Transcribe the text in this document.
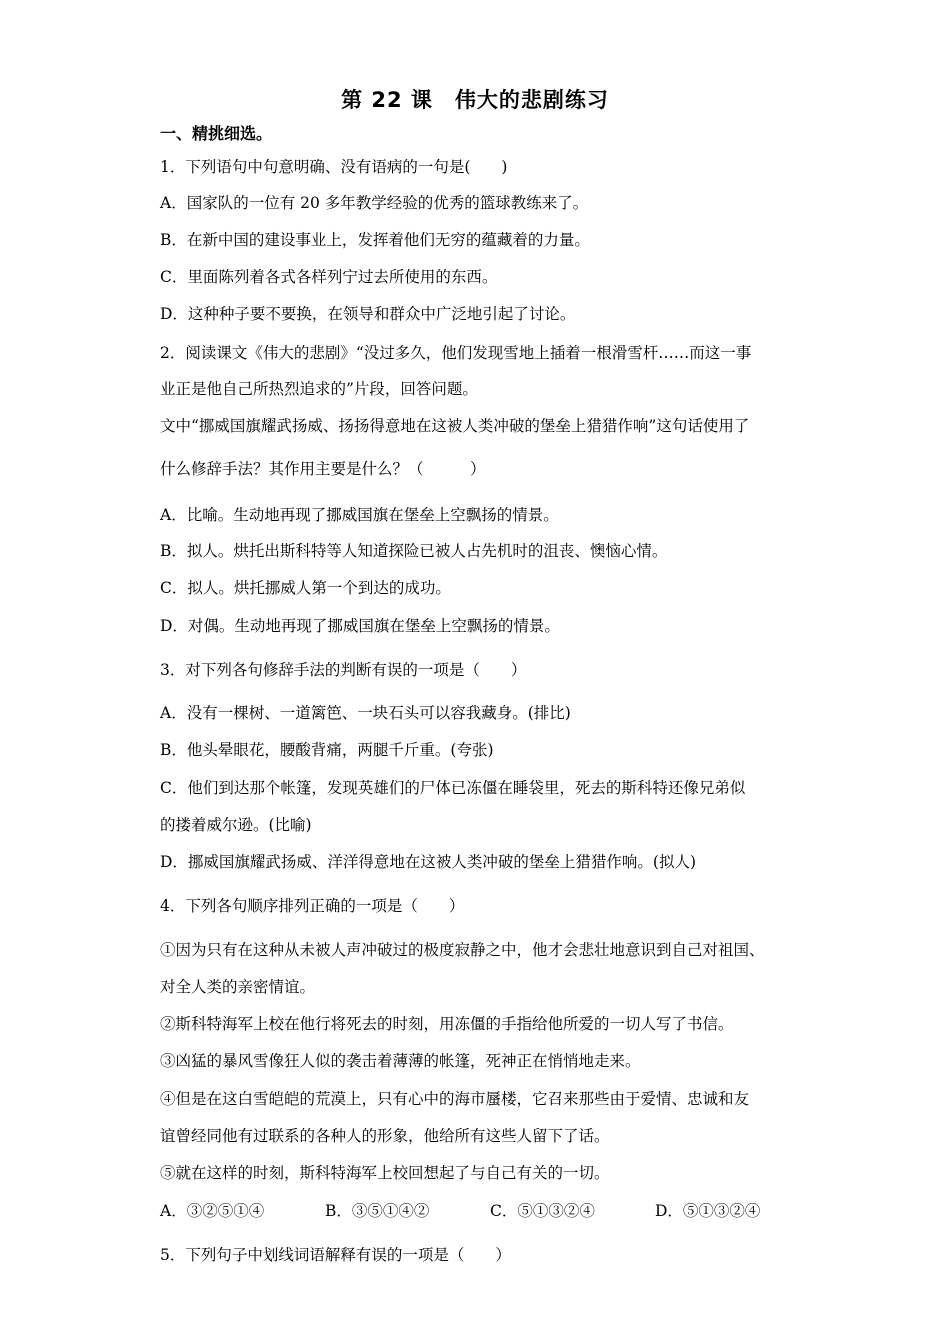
第 22 课　伟大的悲剧练习
一、精挑细选。
1．下列语句中句意明确、没有语病的一句是(　　)
A．国家队的一位有 20 多年教学经验的优秀的篮球教练来了。
B．在新中国的建设事业上，发挥着他们无穷的蕴藏着的力量。
C．里面陈列着各式各样列宁过去所使用的东西。
D．这种种子要不要换，在领导和群众中广泛地引起了讨论。
2．阅读课文《伟大的悲剧》“没过多久，他们发现雪地上插着一根滑雪杆……而这一事
业正是他自己所热烈追求的”片段，回答问题。
文中“挪威国旗耀武扬威、扬扬得意地在这被人类冲破的堡垒上猎猎作响”这句话使用了
什么修辞手法？其作用主要是什么？（　　　）
A．比喻。生动地再现了挪威国旗在堡垒上空飘扬的情景。
B．拟人。烘托出斯科特等人知道探险已被人占先机时的沮丧、懊恼心情。
C．拟人。烘托挪威人第一个到达的成功。
D．对偶。生动地再现了挪威国旗在堡垒上空飘扬的情景。
3．对下列各句修辞手法的判断有误的一项是（　　）
A．没有一棵树、一道篱笆、一块石头可以容我藏身。(排比)
B．他头晕眼花，腰酸背痛，两腿千斤重。(夸张)
C．他们到达那个帐篷，发现英雄们的尸体已冻僵在睡袋里，死去的斯科特还像兄弟似
的搂着威尔逊。(比喻)
D．挪威国旗耀武扬威、洋洋得意地在这被人类冲破的堡垒上猎猎作响。(拟人)
4．下列各句顺序排列正确的一项是（　　）
①因为只有在这种从未被人声冲破过的极度寂静之中，他才会悲壮地意识到自己对祖国、
对全人类的亲密情谊。
②斯科特海军上校在他行将死去的时刻，用冻僵的手指给他所爱的一切人写了书信。
③凶猛的暴风雪像狂人似的袭击着薄薄的帐篷，死神正在悄悄地走来。
④但是在这白雪皑皑的荒漠上，只有心中的海市蜃楼，它召来那些由于爱情、忠诚和友
谊曾经同他有过联系的各种人的形象，他给所有这些人留下了话。
⑤就在这样的时刻，斯科特海军上校回想起了与自己有关的一切。
A．③②⑤①④	B．③⑤①④②	C．⑤①③②④	D．⑤①③②④
5．下列句子中划线词语解释有误的一项是（　　）
